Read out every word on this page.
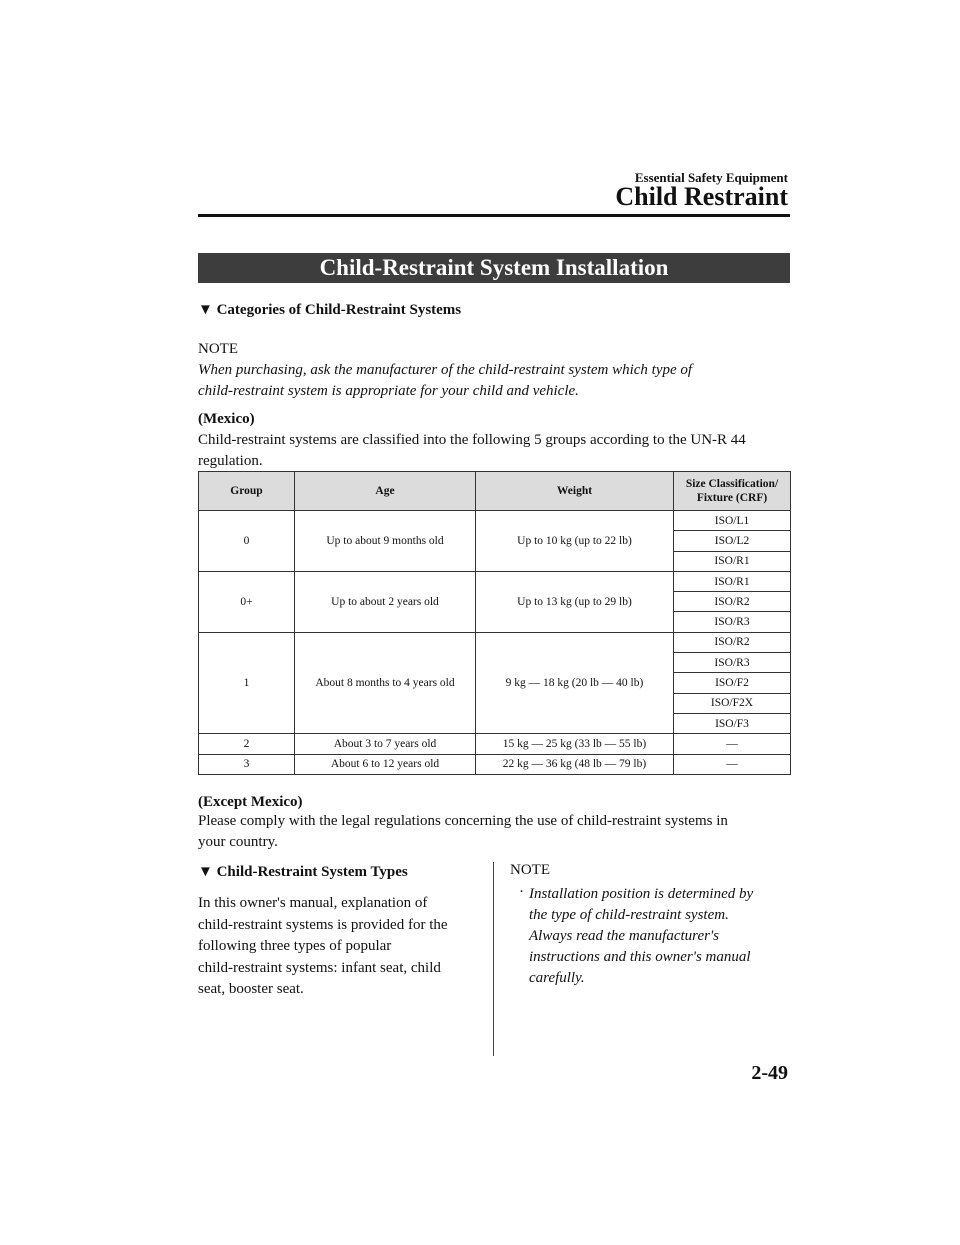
Essential Safety Equipment
Child Restraint
Child-Restraint System Installation
▼ Categories of Child-Restraint Systems
NOTE
When purchasing, ask the manufacturer of the child-restraint system which type of
child-restraint system is appropriate for your child and vehicle.
(Mexico)
Child-restraint systems are classified into the following 5 groups according to the UN-R 44
regulation.
Group	Age	Weight	Size Classification/
Fixture (CRF)
0	Up to about 9 months old	Up to 10 kg (up to 22 lb)	ISO/L1
			ISO/L2
			ISO/R1
0+	Up to about 2 years old	Up to 13 kg (up to 29 lb)	ISO/R1
			ISO/R2
			ISO/R3
1	About 8 months to 4 years old	9 kg — 18 kg (20 lb — 40 lb)	ISO/R2
			ISO/R3
			ISO/F2
			ISO/F2X
			ISO/F3
2	About 3 to 7 years old	15 kg — 25 kg (33 lb — 55 lb)	—
3	About 6 to 12 years old	22 kg — 36 kg (48 lb — 79 lb)	—
(Except Mexico)
Please comply with the legal regulations concerning the use of child-restraint systems in
your country.
▼ Child-Restraint System Types
In this owner's manual, explanation of
child-restraint systems is provided for the
following three types of popular
child-restraint systems: infant seat, child
seat, booster seat.
NOTE
· Installation position is determined by
the type of child-restraint system.
Always read the manufacturer's
instructions and this owner's manual
carefully.
2-49
